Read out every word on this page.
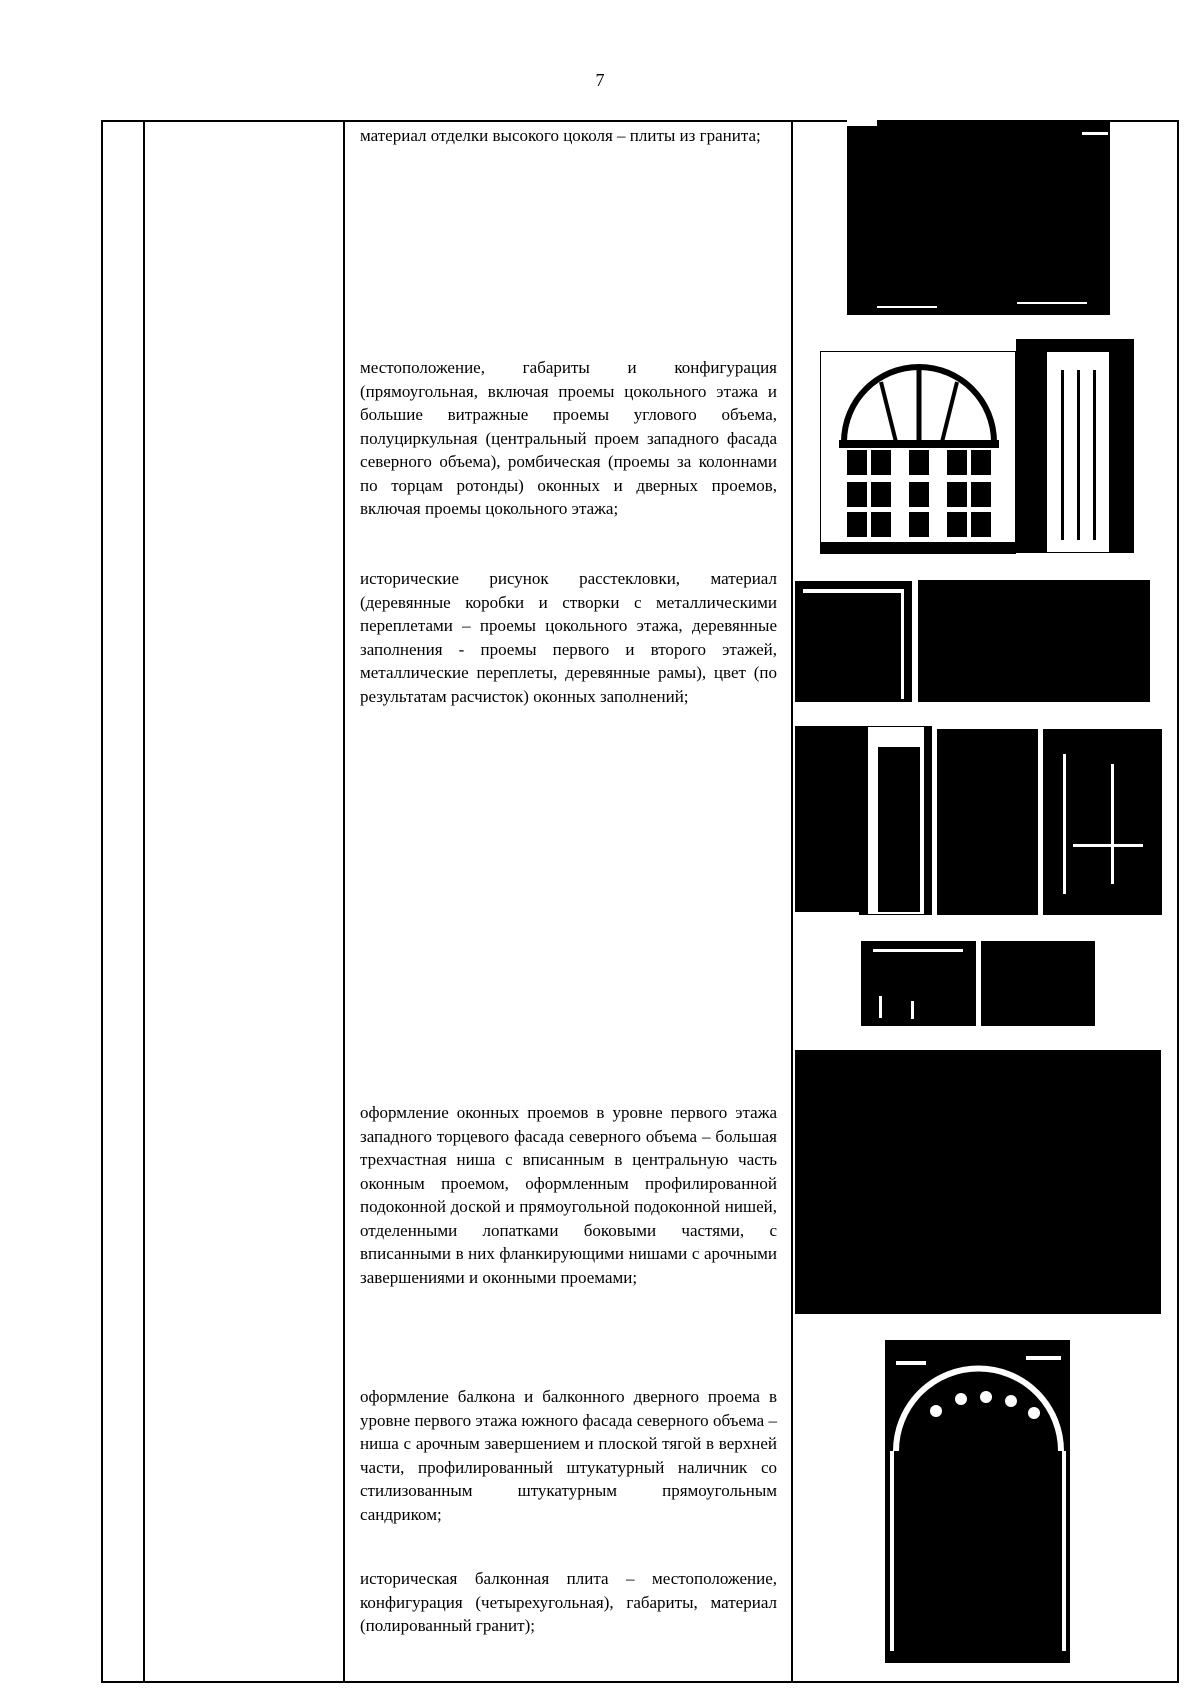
7
материал отделки высокого цоколя – плиты из гранита;
местоположение, габариты и конфигурация (прямоугольная, включая проемы цокольного этажа и большие витражные проемы углового объема, полуциркульная (центральный проем западного фасада северного объема), ромбическая (проемы за колоннами по торцам ротонды) оконных и дверных проемов, включая проемы цокольного этажа;
исторические рисунок расстекловки, материал (деревянные коробки и створки с металлическими переплетами – проемы цокольного этажа, деревянные заполнения - проемы первого и второго этажей, металлические переплеты, деревянные рамы), цвет (по результатам расчисток) оконных заполнений;
оформление оконных проемов в уровне первого этажа западного торцевого фасада северного объема – большая трехчастная ниша с вписанным в центральную часть оконным проемом, оформленным профилированной подоконной доской и прямоугольной подоконной нишей, отделенными лопатками боковыми частями, с вписанными в них фланкирующими нишами с арочными завершениями и оконными проемами;
оформление балкона и балконного дверного проема в уровне первого этажа южного фасада северного объема – ниша с арочным завершением и плоской тягой в верхней части, профилированный штукатурный наличник со стилизованным штукатурным прямоугольным сандриком;
историческая балконная плита – местоположение, конфигурация (четырехугольная), габариты, материал (полированный гранит);
